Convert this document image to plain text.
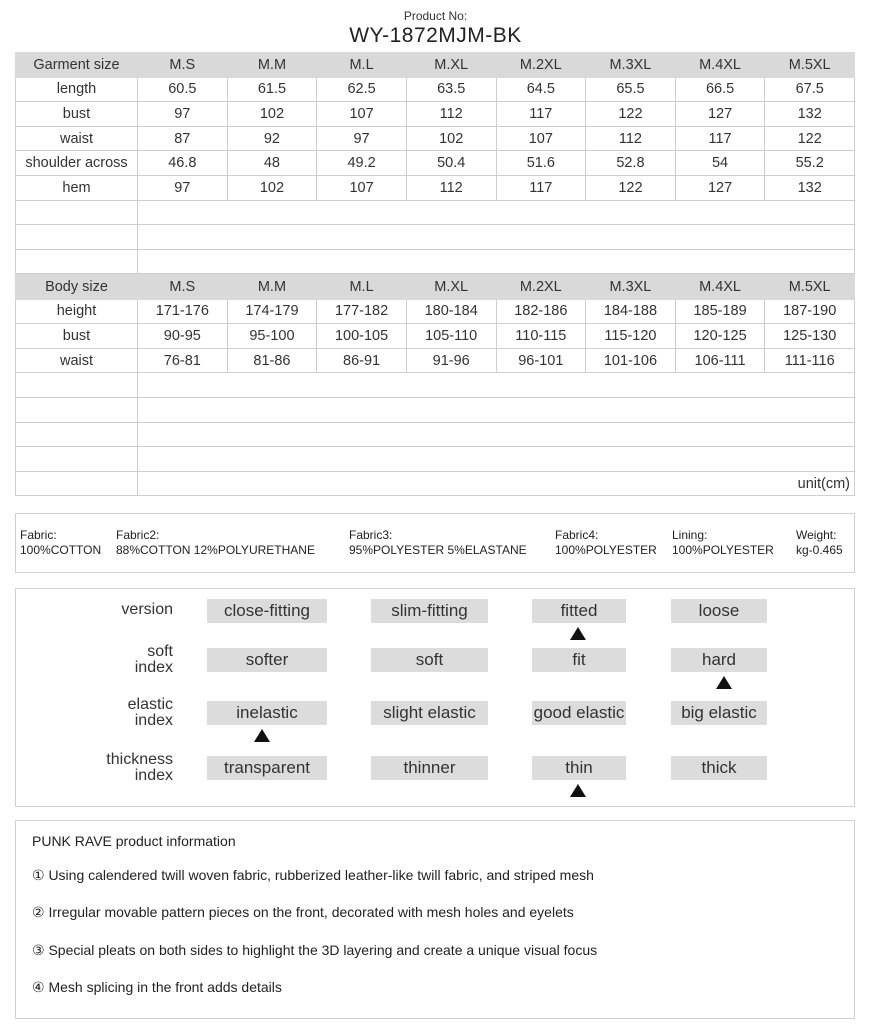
Product No:
WY-1872MJM-BK
Garment size	M.S	M.M	M.L	M.XL	M.2XL	M.3XL	M.4XL	M.5XL
length	60.5	61.5	62.5	63.5	64.5	65.5	66.5	67.5
bust	97	102	107	112	117	122	127	132
waist	87	92	97	102	107	112	117	122
shoulder across	46.8	48	49.2	50.4	51.6	52.8	54	55.2
hem	97	102	107	112	117	122	127	132

Body size	M.S	M.M	M.L	M.XL	M.2XL	M.3XL	M.4XL	M.5XL
height	171-176	174-179	177-182	180-184	182-186	184-188	185-189	187-190
bust	90-95	95-100	100-105	105-110	110-115	115-120	120-125	125-130
waist	76-81	81-86	86-91	91-96	96-101	101-106	106-111	111-116

	unit(cm)							
Fabric:
100%COTTON
Fabric2:
88%COTTON 12%POLYURETHANE
Fabric3:
95%POLYESTER 5%ELASTANE
Fabric4:
100%POLYESTER
Lining:
100%POLYESTER
Weight:
kg-0.465
version	close-fitting	slim-fitting	fitted	loose
soft
index	softer	soft	fit	hard
elastic
index	inelastic	slight elastic	good elastic	big elastic
thickness
index	transparent	thinner	thin	thick
PUNK RAVE product information
① Using calendered twill woven fabric, rubberized leather-like twill fabric, and striped mesh
② Irregular movable pattern pieces on the front, decorated with mesh holes and eyelets
③ Special pleats on both sides to highlight the 3D layering and create a unique visual focus
④ Mesh splicing in the front adds details
